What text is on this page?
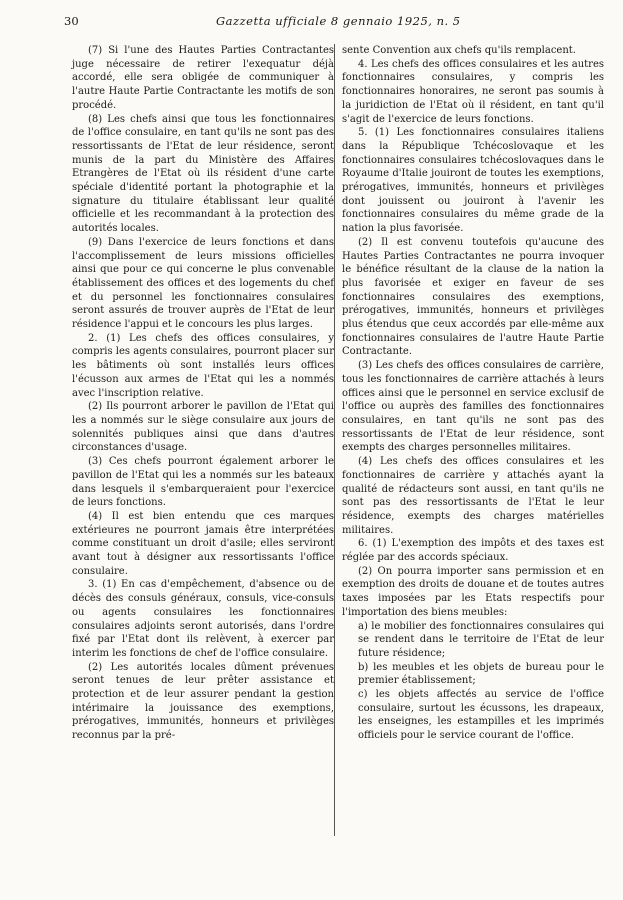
30	Gazzetta ufficiale 8 gennaio 1925, n. 5

(7) Si l'une des Hautes Parties Contractantes juge nécessaire de retirer l'exequatur déjà accordé, elle sera obligée de communiquer à l'autre Haute Partie Contractante les motifs de son procédé.

(8) Les chefs ainsi que tous les fonctionnaires de l'office consulaire, en tant qu'ils ne sont pas des ressortissants de l'Etat de leur résidence, seront munis de la part du Ministère des Affaires Etrangères de l'Etat où ils résident d'une carte spéciale d'identité portant la photographie et la signature du titulaire établissant leur qualité officielle et les recommandant à la protection des autorités locales.

(9) Dans l'exercice de leurs fonctions et dans l'accomplissement de leurs missions officielles ainsi que pour ce qui concerne le plus convenable établissement des offices et des logements du chef et du personnel les fonctionnaires consulaires seront assurés de trouver auprès de l'Etat de leur résidence l'appui et le concours les plus larges.

2. (1) Les chefs des offices consulaires, y compris les agents consulaires, pourront placer sur les bâtiments où sont installés leurs offices l'écusson aux armes de l'Etat qui les a nommés avec l'inscription relative.

(2) Ils pourront arborer le pavillon de l'Etat qui les a nommés sur le siège consulaire aux jours de solennités publiques ainsi que dans d'autres circonstances d'usage.

(3) Ces chefs pourront également arborer le pavillon de l'Etat qui les a nommés sur les bateaux dans lesquels il s'embarqueraient pour l'exercice de leurs fonctions.

(4) Il est bien entendu que ces marques extérieures ne pourront jamais être interprétées comme constituant un droit d'asile; elles serviront avant tout à désigner aux ressortissants l'office consulaire.

3. (1) En cas d'empêchement, d'absence ou de décès des consuls généraux, consuls, vice-consuls ou agents consulaires les fonctionnaires consulaires adjoints seront autorisés, dans l'ordre fixé par l'Etat dont ils relèvent, à exercer par interim les fonctions de chef de l'office consulaire.

(2) Les autorités locales dûment prévenues seront tenues de leur prêter assistance et protection et de leur assurer pendant la gestion intérimaire la jouissance des exemptions, prérogatives, immunités, honneurs et privilèges reconnus par la pré-

sente Convention aux chefs qu'ils remplacent.

4. Les chefs des offices consulaires et les autres fonctionnaires consulaires, y compris les fonctionnaires honoraires, ne seront pas soumis à la juridiction de l'Etat où il résident, en tant qu'il s'agit de l'exercice de leurs fonctions.

5. (1) Les fonctionnaires consulaires italiens dans la République Tchécoslovaque et les fonctionnaires consulaires tchécoslovaques dans le Royaume d'Italie jouiront de toutes les exemptions, prérogatives, immunités, honneurs et privilèges dont jouissent ou jouiront à l'avenir les fonctionnaires consulaires du même grade de la nation la plus favorisée.

(2) Il est convenu toutefois qu'aucune des Hautes Parties Contractantes ne pourra invoquer le bénéfice résultant de la clause de la nation la plus favorisée et exiger en faveur de ses fonctionnaires consulaires des exemptions, prérogatives, immunités, honneurs et privilèges plus étendus que ceux accordés par elle-même aux fonctionnaires consulaires de l'autre Haute Partie Contractante.

(3) Les chefs des offices consulaires de carrière, tous les fonctionnaires de carrière attachés à leurs offices ainsi que le personnel en service exclusif de l'office ou auprès des familles des fonctionnaires consulaires, en tant qu'ils ne sont pas des ressortissants de l'Etat de leur résidence, sont exempts des charges personnelles militaires.

(4) Les chefs des offices consulaires et les fonctionnaires de carrière y attachés ayant la qualité de rédacteurs sont aussi, en tant qu'ils ne sont pas des ressortissants de l'Etat le leur résidence, exempts des charges matérielles militaires.

6. (1) L'exemption des impôts et des taxes est réglée par des accords spéciaux.

(2) On pourra importer sans permission et en exemption des droits de douane et de toutes autres taxes imposées par les Etats respectifs pour l'importation des biens meubles:

a) le mobilier des fonctionnaires consulaires qui se rendent dans le territoire de l'Etat de leur future résidence;

b) les meubles et les objets de bureau pour le premier établissement;

c) les objets affectés au service de l'office consulaire, surtout les écussons, les drapeaux, les enseignes, les estampilles et les imprimés officiels pour le service courant de l'office.
